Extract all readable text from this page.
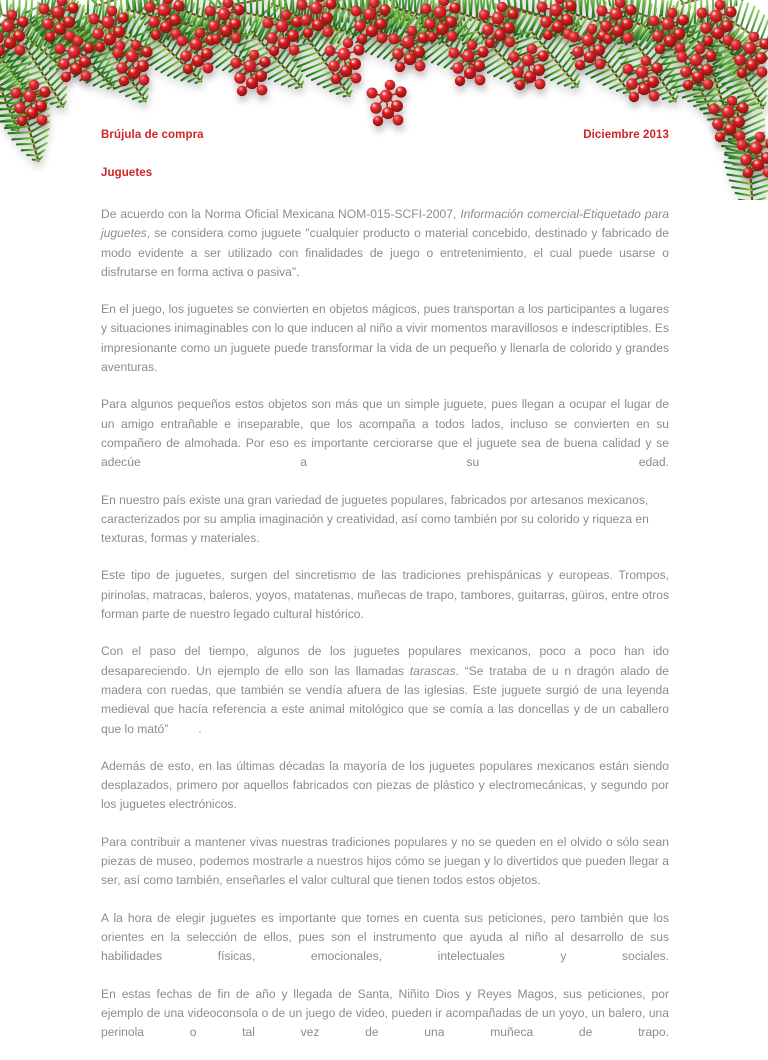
Brújula de compra	Diciembre 2013
Juguetes

De acuerdo con la Norma Oficial Mexicana NOM-015-SCFI-2007, Información comercial-Etiquetado para juguetes, se considera como juguete "cualquier producto o material concebido, destinado y fabricado de modo evidente a ser utilizado con finalidades de juego o entretenimiento, el cual puede usarse o disfrutarse en forma activa o pasiva".

En el juego, los juguetes se convierten en objetos mágicos, pues transportan a los participantes a lugares y situaciones inimaginables con lo que inducen al niño a vivir momentos maravillosos e indescriptibles. Es impresionante como un juguete puede transformar la vida de un pequeño y llenarla de colorido y grandes aventuras.

Para algunos pequeños estos objetos son más que un simple juguete, pues llegan a ocupar el lugar de un amigo entrañable e inseparable, que los acompaña a todos lados, incluso se convierten en su compañero de almohada. Por eso es importante cerciorarse que el juguete sea de buena calidad y se adecúe a su edad.

En nuestro país existe una gran variedad de juguetes populares, fabricados por artesanos mexicanos, caracterizados por su amplia imaginación y creatividad, así como también por su colorido y riqueza en texturas, formas y materiales.

Este tipo de juguetes, surgen del sincretismo de las tradiciones prehispánicas y europeas. Trompos, pirinolas, matracas, baleros, yoyos, matatenas, muñecas de trapo, tambores, guitarras, güiros, entre otros forman parte de nuestro legado cultural histórico.

Con el paso del tiempo, algunos de los juguetes populares mexicanos, poco a poco han ido desapareciendo. Un ejemplo de ello son las llamadas tarascas. “Se trataba de u n dragón alado de madera con ruedas, que también se vendía afuera de las iglesias. Este juguete surgió de una leyenda medieval que hacía referencia a este animal mitológico que se comía a las doncellas y de un caballero que lo mató” .

Además de esto, en las últimas décadas la mayoría de los juguetes populares mexicanos están siendo desplazados, primero por aquellos fabricados con piezas de plástico y electromecánicas, y segundo por los juguetes electrónicos.

Para contribuir a mantener vivas nuestras tradiciones populares y no se queden en el olvido o sólo sean piezas de museo, podemos mostrarle a nuestros hijos cómo se juegan y lo divertidos que pueden llegar a ser, así como también, enseñarles el valor cultural que tienen todos estos objetos.

A la hora de elegir juguetes es importante que tomes en cuenta sus peticiones, pero también que los orientes en la selección de ellos, pues son el instrumento que ayuda al niño al desarrollo de sus habilidades físicas, emocionales, intelectuales y sociales.

En estas fechas de fin de año y llegada de Santa, Niñito Dios y Reyes Magos, sus peticiones, por ejemplo de una videoconsola o de un juego de video, pueden ir acompañadas de un yoyo, un balero, una perinola o tal vez de una muñeca de trapo.
